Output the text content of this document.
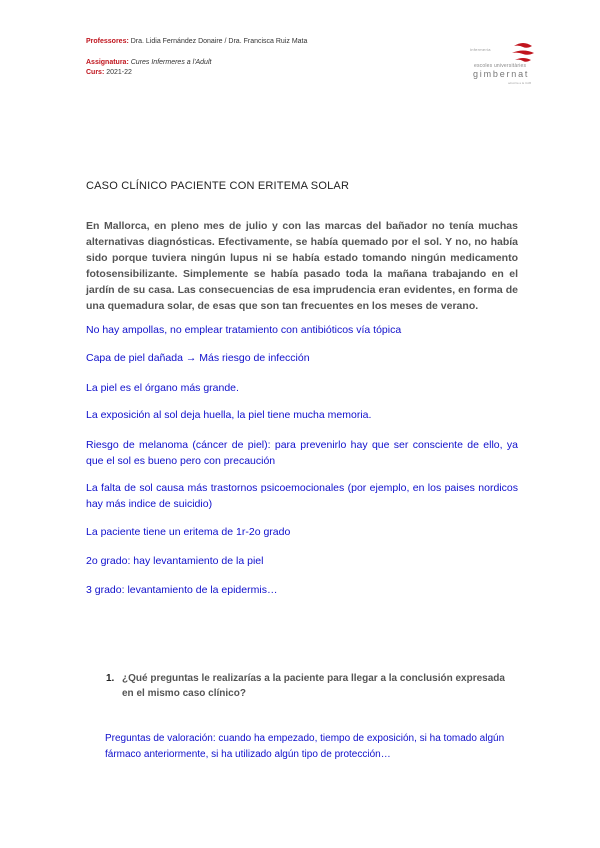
Professores: Dra. Lidia Fernández Donaire / Dra. Francisca Ruiz Mata
Assignatura: Cures Infermeres a l'Adult
Curs: 2021-22
infermeria
escoles universitàries
gimbernat
adscrita a la UAB
CASO CLÍNICO PACIENTE CON ERITEMA SOLAR
En Mallorca, en pleno mes de julio y con las marcas del bañador no tenía muchas alternativas diagnósticas. Efectivamente, se había quemado por el sol. Y no, no había sido porque tuviera ningún lupus ni se había estado tomando ningún medicamento fotosensibilizante. Simplemente se había pasado toda la mañana trabajando en el jardín de su casa. Las consecuencias de esa imprudencia eran evidentes, en forma de una quemadura solar, de esas que son tan frecuentes en los meses de verano.
No hay ampollas, no emplear tratamiento con antibióticos vía tópica
Capa de piel dañada → Más riesgo de infección
La piel es el órgano más grande.
La exposición al sol deja huella, la piel tiene mucha memoria.
Riesgo de melanoma (cáncer de piel): para prevenirlo hay que ser consciente de ello, ya que el sol es bueno pero con precaución
La falta de sol causa más trastornos psicoemocionales (por ejemplo, en los paises nordicos hay más indice de suicidio)
La paciente tiene un eritema de 1r-2o grado
2o grado: hay levantamiento de la piel
3 grado: levantamiento de la epidermis…
1. ¿Qué preguntas le realizarías a la paciente para llegar a la conclusión expresada en el mismo caso clínico?
Preguntas de valoración: cuando ha empezado, tiempo de exposición, si ha tomado algún fármaco anteriormente, si ha utilizado algún tipo de protección…
